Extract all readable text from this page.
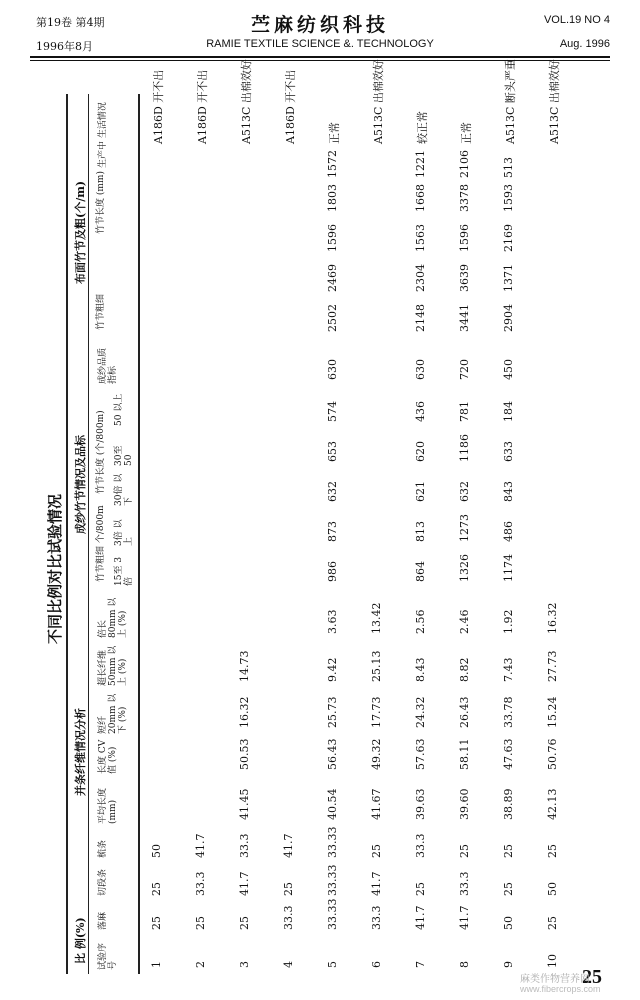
第19卷 第4期
1996年8月
苎麻纺织科技
RAMIE TEXTILE SCIENCE &. TECHNOLOGY
VOL.19 NO 4
Aug. 1996
不同比例对比试验情况
比 例(%)
并条纤维情况分析
成纱竹节情况及品标
布面竹节及粗(个/m)
试验序号
落麻
切段条
梳条
平均长度 (mm)
长度 CV 值 (%)
短纤 20mm 以下 (%)
超长纤维 50mm 以上 (%)
倍长 80mm 以上 (%)
竹节粗细 个/800m
竹节长度 (个/800m)
15至 3倍
3倍 以上
30倍 以下
30至 50
50 以上
成纱品质指标
竹节粗细
竹节长度 (mm)
生产中 生活情况
1
25
25
50
A186D 开不出
2
25
33.3
41.7
A186D 开不出
3
25
41.7
33.3
41.45
50.53
16.32
14.73
A513C 出棉效好
4
33.3
25
41.7
A186D 开不出
5
33.33
33.33
33.33
40.54
56.43
25.73
9.42
3.63
986
873
632
653
574
630
2502
2469
1596
1803
1572
正常
6
33.3
41.7
25
41.67
49.32
17.73
25.13
13.42
A513C 出棉效好
7
41.7
25
33.3
39.63
57.63
24.32
8.43
2.56
864
813
621
620
436
630
2148
2304
1563
1668
1221
较正常
8
41.7
33.3
25
39.60
58.11
26.43
8.82
2.46
1326
1273
632
1186
781
720
3441
3639
1596
3378
2106
正常
9
50
25
25
38.89
47.63
33.78
7.43
1.92
1174
486
843
633
184
450
2904
1371
2169
1593
513
A513C 断头严重
10
25
50
25
42.13
50.76
15.24
27.73
16.32
A513C 出棉效好
25
麻类作物营养网
www.fibercrops.com
